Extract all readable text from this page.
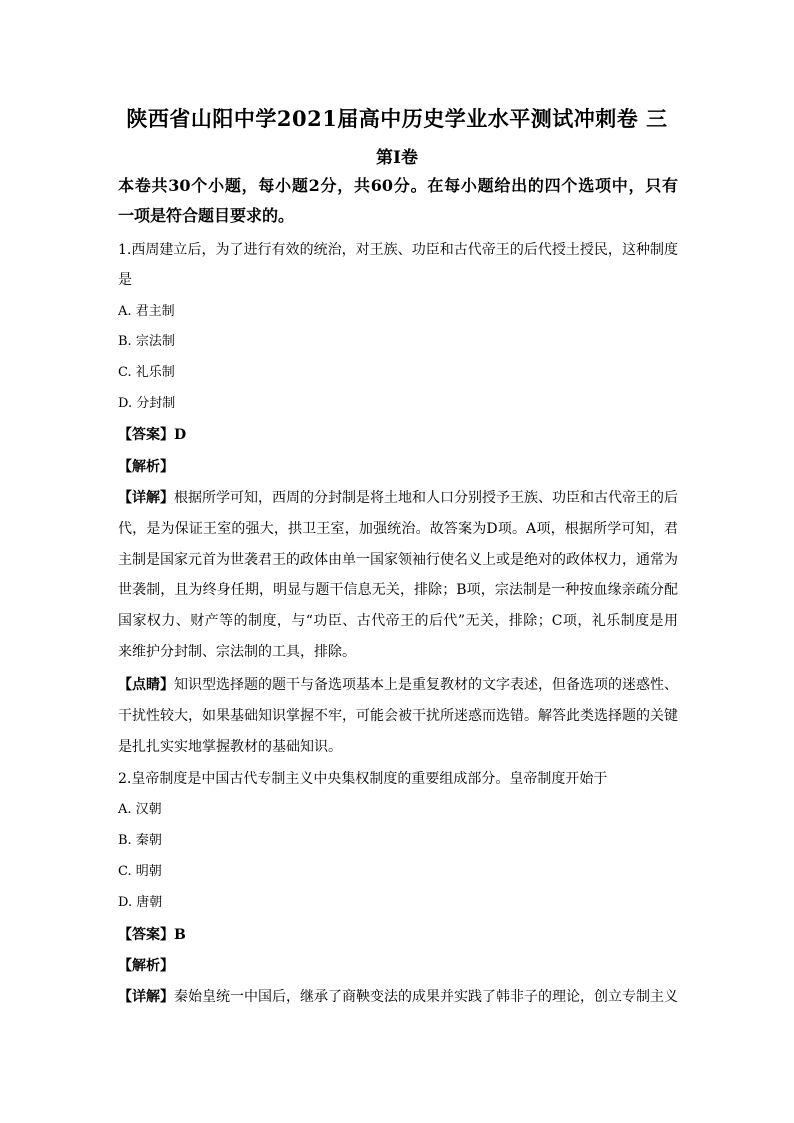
陕西省山阳中学2021届高中历史学业水平测试冲刺卷 三
第I卷
本卷共30个小题，每小题2分，共60分。在每小题给出的四个选项中，只有
一项是符合题目要求的。
1.西周建立后，为了进行有效的统治，对王族、功臣和古代帝王的后代授土授民，这种制度
是
A. 君主制
B. 宗法制
C. 礼乐制
D. 分封制
【答案】D
【解析】
【详解】根据所学可知，西周的分封制是将土地和人口分别授予王族、功臣和古代帝王的后
代，是为保证王室的强大，拱卫王室，加强统治。故答案为D项。A项，根据所学可知，君
主制是国家元首为世袭君王的政体由单一国家领袖行使名义上或是绝对的政体权力，通常为
世袭制，且为终身任期，明显与题干信息无关，排除；B项，宗法制是一种按血缘亲疏分配
国家权力、财产等的制度，与“功臣、古代帝王的后代”无关，排除；C项，礼乐制度是用
来维护分封制、宗法制的工具，排除。
【点睛】知识型选择题的题干与备选项基本上是重复教材的文字表述，但备选项的迷惑性、
干扰性较大，如果基础知识掌握不牢，可能会被干扰所迷惑而选错。解答此类选择题的关键
是扎扎实实地掌握教材的基础知识。
2.皇帝制度是中国古代专制主义中央集权制度的重要组成部分。皇帝制度开始于
A. 汉朝
B. 秦朝
C. 明朝
D. 唐朝
【答案】B
【解析】
【详解】秦始皇统一中国后，继承了商鞅变法的成果并实践了韩非子的理论，创立专制主义
